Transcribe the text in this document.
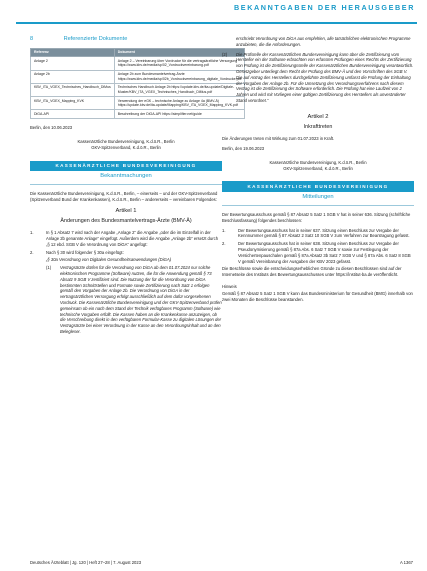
BEKANNTGABEN DER HERAUSGEBER
8	Referenzierte Dokumente
Referenz	Dokument
Anlage 2	Anlage 2 – Vereinbarung über Vordrucke für die vertragsärztliche Versorgung https://www.kbv.de/media/sp/02_Vordruckvereinbarung.pdf
Anlage 2b	Anlage 2b zum Bundesmantelvertrag-Ärzte https://www.kbv.de/media/sp/02b_Vordruckvereinbarung_digitale_Vordrucke.pdf
KBV_ITA_VGEX_Technisches_Handbuch_DiMus	Technisches Handbuch Anlage 2b https://update.kbv.de/ita-update/Digitale-Muster/KBV_ITA_VGEX_Technisches_Handbuch_DiMus.pdf
KBV_ITA_VGEX_Mapping_KVK	Verwendung der eGK – technische Anlage zu Anlage 4a (BMV-Ä) https://update.kbv.de/ita-update/Mapping/KBV_ITA_VGEX_Mapping_KVK.pdf
DiGA-API	Beschreibung der DiGA-API https://simplifier.net/guide
Berlin, den 10.06.2023
Kassenärztliche Bundesvereinigung, K.d.ö.R., Berlin
GKV-Spitzenverband, K.d.ö.R., Berlin
KASSENÄRZTLICHE BUNDESVEREINIGUNG
Bekanntmachungen

Die Kassenärztliche Bundesvereinigung, K.d.ö.R., Berlin, – einerseits – und der GKV-Spitzenverband (Spitzenverband Bund der Krankenkassen), K.d.ö.R., Berlin – andererseits – vereinbaren Folgendes:

Artikel 1
Änderungen des Bundesmantelvertrags-Ärzte (BMV-Ä)
1.	In § 1 Absatz 7 wird nach der Angabe „Anlage 2“ die Angabe „oder die im Einzelfall in der Anlage 2b genannte Anlage“ eingefügt. Außerdem wird die Angabe „Anlage 2b“ ersetzt durch „§ 12 ebd. SGB V die Verordnung von DiGA“ angefügt:
2.	Nach § 30 wird folgender § 30a eingefügt:
„§ 30a Verordnung von Digitalen Gesundheitsanwendungen (DiGA)
(1)	Vertragsärzte dürfen für die Verordnung von DiGA ab dem 01.07.2024 nur solche elektronischen Programme (Software) nutzen, die für die Anwendung gemäß § 73 Absatz 9 SGB V zertifiziert sind. Die Nutzung der für die Verordnung von DiGA bestimmten Schnittstellen und Formate sowie Zertifizierung nach Satz 1 erfolgen gemäß den Vorgaben der Anlage 2b. Die Verordnung von DiGA in der vertragsärztlichen Versorgung erfolgt ausschließlich auf dem dafür vorgesehenen Vordruck. Die Kassenärztliche Bundesvereinigung und der GKV-Spitzenverband prüfen gemeinsam ob ein nach dem Stand der Technik verfügbares Programm (Software) wie technische Vorgaben erfüllt. Die Kassen haben an die Krankenkasse anzuzeigen, ob die Verschreibung direkt in den verfügbaren Formular-Kasse zu digitalen Lösungen der Vertragsärzte bei einer Verordnung in der Kasse an den Verordnungsinhalt und an den Belegleser.

erschriebt Verordnung von DiGA aus empfehlen, alle tatsächlichen elektronischen Programme anzubieten, die die Anforderungen.

(2)	Die Prüfstelle der Kassenärztlichen Bundesvereinigung kann über die Zertifizierung vom Hersteller ein der Software erbrachten von erfassten Prüfungen eines Rechts der Zertifizierung von Prüfung ist die Zertifizierungsstelle der Kassenärztlichen Bundesvereinigung verantwortlich. Gesetzgeber unterliegt dem Recht der Prüfung des BMV-Ä und den Vorschriften des SGB V. Die auf Antrag des Herstellers durchgeführte Zertifizierung umfasst die Prüfung der Einhaltung der Vorgaben der Anlage 2b. Für die Umsetzung des Verordnungsverfahrens nach diesem Vertrag ist die Zertifizierung der Software erforderlich. Die Prüfung hat eine Laufzeit von 2 Jahren und wird mit Vorliegen einer gültigen Zertifizierung des Herstellers als unveränderter Stand verordnet.“
Artikel 2
Inkrafttreten

Die Änderungen treten mit Wirkung zum 01.07.2023 in Kraft.

Berlin, den 19.06.2023
Kassenärztliche Bundesvereinigung, K.d.ö.R., Berlin
GKV-Spitzenverband, K.d.ö.R., Berlin
KASSENÄRZTLICHE BUNDESVEREINIGUNG
Mitteilungen

Der Bewertungsausschuss gemäß § 87 Absatz 5 Satz 1 SGB V hat in seiner 636. Sitzung (schriftliche Beschlussfassung) folgendes beschlossen:

1.	Der Bewertungsausschuss hat in seiner 637. Sitzung einen Beschluss zur Vergabe der Kennnummer gemäß § 87 Absatz 2 Satz 10 SGB V zum Verfahren zur Beantragung gefasst.
2.	Der Bewertungsausschuss hat in seiner 638. Sitzung einen Beschluss zur Vergabe der Pseudonymisierung gemäß § 87a Abs. 6 Satz 7 SGB V sowie zur Festlegung der Versichertenpauschalen gemäß § 87a Absatz 3b Satz 7 SGB V und § 87a Abs. 6 Satz 8 SGB V gemäß Vereinbarung der Ausgaben der KBV 2023 gefasst.

Die Beschlüsse sowie die entscheidungserheblichen Gründe zu diesen Beschlüssen sind auf der Internetseite des Instituts des Bewertungsausschusses unter https://institut-ba.de veröffentlicht.

Hinweis

Gemäß § 87 Absatz 5 Satz 1 SGB V kann das Bundesministerium für Gesundheit (BMG) innerhalb von zwei Monaten die Beschlüsse beanstanden.

Deutsches Ärzteblatt | Jg. 120 | Heft 27–28 | 7. August 2023	A 1367
